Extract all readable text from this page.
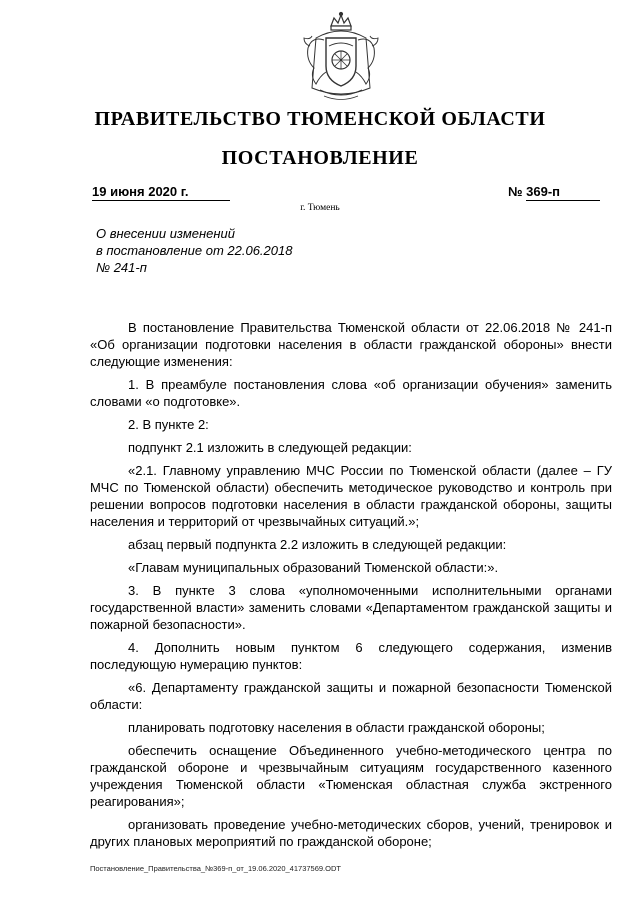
ПРАВИТЕЛЬСТВО ТЮМЕНСКОЙ ОБЛАСТИ
ПОСТАНОВЛЕНИЕ
19 июня 2020 г.	№ 369-п
г. Тюмень
О внесении изменений
в постановление от 22.06.2018
№ 241-п

В постановление Правительства Тюменской области от 22.06.2018 № 241-п «Об организации подготовки населения в области гражданской обороны» внести следующие изменения:

1. В преамбуле постановления слова «об организации обучения» заменить словами «о подготовке».

2. В пункте 2:

подпункт 2.1 изложить в следующей редакции:

«2.1. Главному управлению МЧС России по Тюменской области (далее – ГУ МЧС по Тюменской области) обеспечить методическое руководство и контроль при решении вопросов подготовки населения в области гражданской обороны, защиты населения и территорий от чрезвычайных ситуаций.»;

абзац первый подпункта 2.2 изложить в следующей редакции:

«Главам муниципальных образований Тюменской области:».

3. В пункте 3 слова «уполномоченными исполнительными органами государственной власти» заменить словами «Департаментом гражданской защиты и пожарной безопасности».

4. Дополнить новым пунктом 6 следующего содержания, изменив последующую нумерацию пунктов:

«6. Департаменту гражданской защиты и пожарной безопасности Тюменской области:

планировать подготовку населения в области гражданской обороны;

обеспечить оснащение Объединенного учебно-методического центра по гражданской обороне и чрезвычайным ситуациям государственного казенного учреждения Тюменской области «Тюменская областная служба экстренного реагирования»;

организовать проведение учебно-методических сборов, учений, тренировок и других плановых мероприятий по гражданской обороне;

Постановление_Правительства_№369-п_от_19.06.2020_41737569.ODT
